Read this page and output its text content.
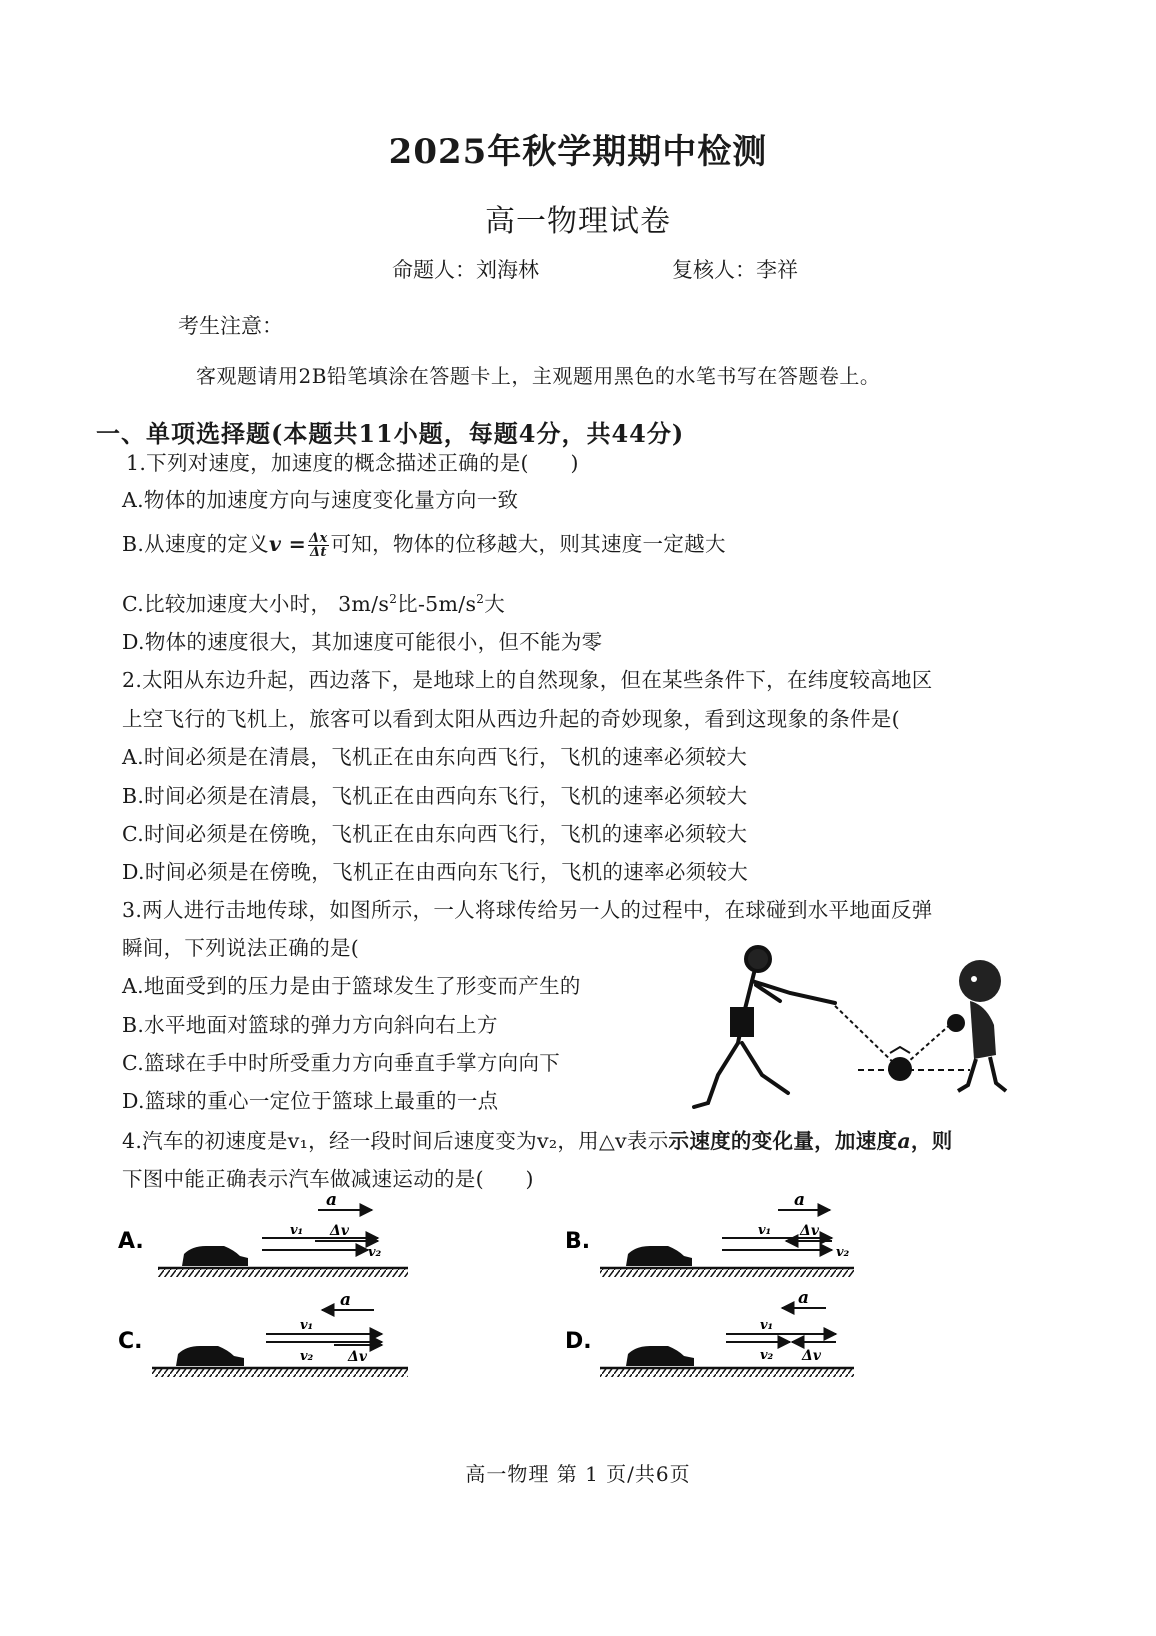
2025年秋学期期中检测
高一物理试卷
命题人：刘海林	复核人：李祥
考生注意：
客观题请用2B铅笔填涂在答题卡上，主观题用黑色的水笔书写在答题卷上。
一、单项选择题(本题共11小题，每题4分，共44分)
1.下列对速度，加速度的概念描述正确的是(　　)
A.物体的加速度方向与速度变化量方向一致
B.从速度的定义$v = \frac{\Delta x}{\Delta t}$ 可知，物体的位移越大，则其速度一定越大
C.比较加速度大小时， $3m/s^2$比$-5m/s^2$大
D.物体的速度很大，其加速度可能很小，但不能为零
2.太阳从东边升起，西边落下，是地球上的自然现象，但在某些条件下，在纬度较高地区
上空飞行的飞机上，旅客可以看到太阳从西边升起的奇妙现象，看到这现象的条件是(
A.时间必须是在清晨，飞机正在由东向西飞行，飞机的速率必须较大
B.时间必须是在清晨，飞机正在由西向东飞行，飞机的速率必须较大
C.时间必须是在傍晚，飞机正在由东向西飞行，飞机的速率必须较大
D.时间必须是在傍晚，飞机正在由西向东飞行，飞机的速率必须较大
3.两人进行击地传球，如图所示，一人将球传给另一人的过程中，在球碰到水平地面反弹
瞬间，下列说法正确的是(
A.地面受到的压力是由于篮球发生了形变而产生的
B.水平地面对篮球的弹力方向斜向右上方
C.篮球在手中时所受重力方向垂直手掌方向向下
D.篮球的重心一定位于篮球上最重的一点
4.汽车的初速度是v₁，经一段时间后速度变为v₂，用△v表示示速度的变化量，加速度a，则
下图中能正确表示汽车做减速运动的是(　　)
A.
a
v₁ Δv
v₂	B.
a
v₁ Δv
v₂
C.
a
v₁
v₂ Δv
D.
a
v₁
v₂ Δv
高一物理 第 1 页/共6页
